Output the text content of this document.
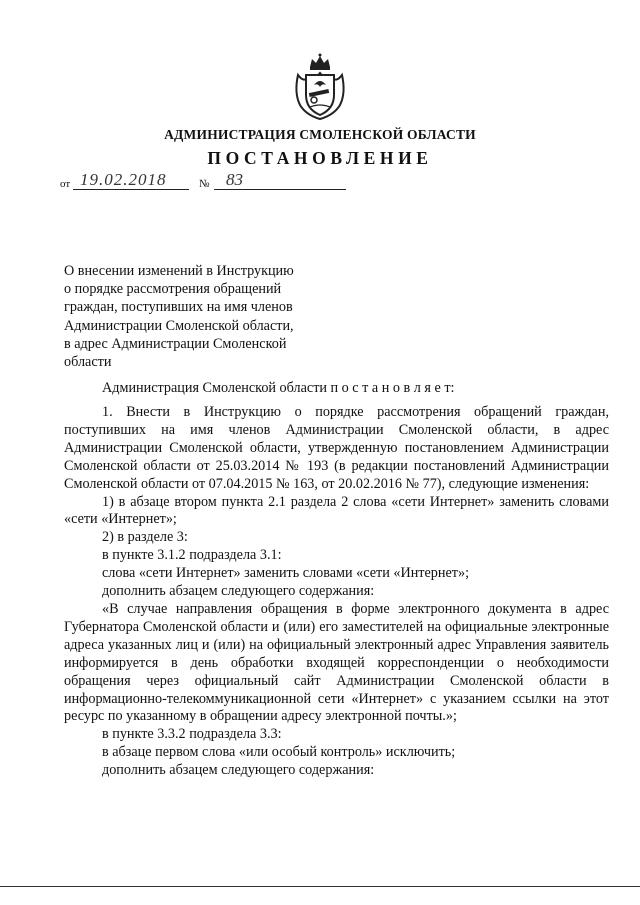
АДМИНИСТРАЦИЯ СМОЛЕНСКОЙ ОБЛАСТИ
ПОСТАНОВЛЕНИЕ
от 19.02.2018	№ 83
О внесении изменений в Инструкцию
о порядке рассмотрения обращений
граждан, поступивших на имя членов
Администрации Смоленской области,
в адрес Администрации Смоленской
области
Администрация Смоленской области п о с т а н о в л я е т:

1. Внести в Инструкцию о порядке рассмотрения обращений граждан, поступивших на имя членов Администрации Смоленской области, в адрес Администрации Смоленской области, утвержденную постановлением Администрации Смоленской области от 25.03.2014 № 193 (в редакции постановлений Администрации Смоленской области от 07.04.2015 № 163, от 20.02.2016 № 77), следующие изменения:

1) в абзаце втором пункта 2.1 раздела 2 слова «сети Интернет» заменить словами «сети «Интернет»;

2) в разделе 3:

в пункте 3.1.2 подраздела 3.1:

слова «сети Интернет» заменить словами «сети «Интернет»;

дополнить абзацем следующего содержания:

«В случае направления обращения в форме электронного документа в адрес Губернатора Смоленской области и (или) его заместителей на официальные электронные адреса указанных лиц и (или) на официальный электронный адрес Управления заявитель информируется в день обработки входящей корреспонденции о необходимости обращения через официальный сайт Администрации Смоленской области в информационно-телекоммуникационной сети «Интернет» с указанием ссылки на этот ресурс по указанному в обращении адресу электронной почты.»;

в пункте 3.3.2 подраздела 3.3:

в абзаце первом слова «или особый контроль» исключить;

дополнить абзацем следующего содержания:
